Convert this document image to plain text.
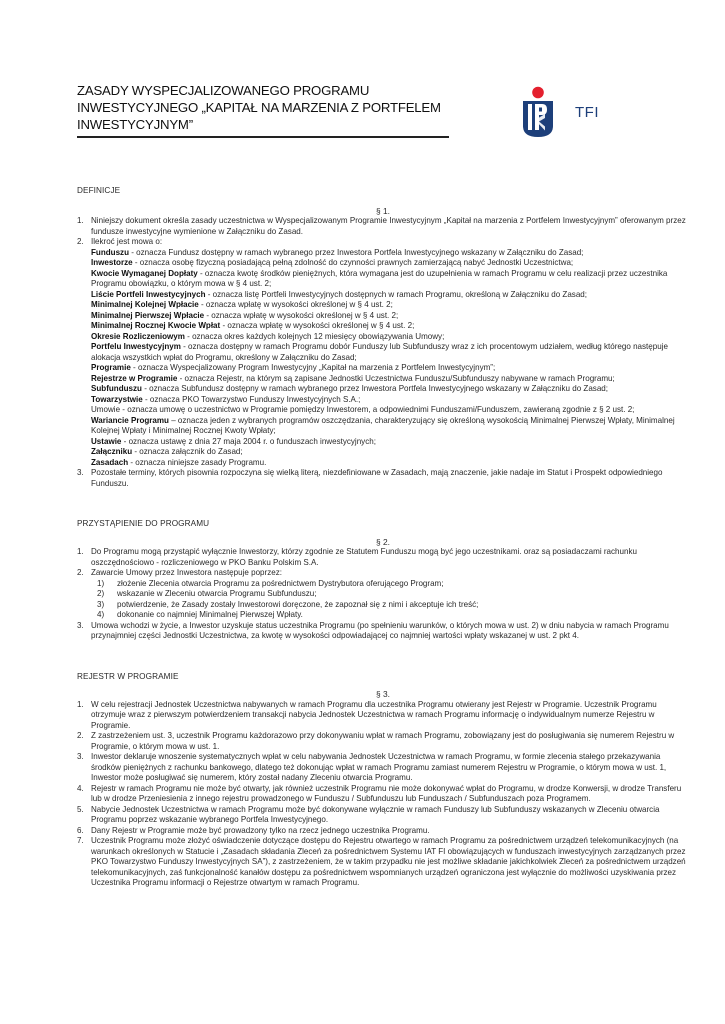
ZASADY WYSPECJALIZOWANEGO PROGRAMU
INWESTYCYJNEGO „KAPITAŁ NA MARZENIA Z PORTFELEM
INWESTYCYJNYM”
TFI
DEFINICJE
§ 1.
1. Niniejszy dokument określa zasady uczestnictwa w Wyspecjalizowanym Programie Inwestycyjnym „Kapitał na marzenia z Portfelem Inwestycyjnym” oferowanym przez fundusze inwestycyjne wymienione w Załączniku do Zasad.
2. Ilekroć jest mowa o:
Funduszu - oznacza Fundusz dostępny w ramach wybranego przez Inwestora Portfela Inwestycyjnego wskazany w Załączniku do Zasad;
Inwestorze - oznacza osobę fizyczną posiadającą pełną zdolność do czynności prawnych zamierzającą nabyć Jednostki Uczestnictwa;
Kwocie Wymaganej Dopłaty - oznacza kwotę środków pieniężnych, która wymagana jest do uzupełnienia w ramach Programu w celu realizacji przez uczestnika Programu obowiązku, o którym mowa w § 4 ust. 2;
Liście Portfeli Inwestycyjnych - oznacza listę Portfeli Inwestycyjnych dostępnych w ramach Programu, określoną w Załączniku do Zasad;
Minimalnej Kolejnej Wpłacie - oznacza wpłatę w wysokości określonej w § 4 ust. 2;
Minimalnej Pierwszej Wpłacie - oznacza wpłatę w wysokości określonej w § 4 ust. 2;
Minimalnej Rocznej Kwocie Wpłat - oznacza wpłatę w wysokości określonej w § 4 ust. 2;
Okresie Rozliczeniowym - oznacza okres każdych kolejnych 12 miesięcy obowiązywania Umowy;
Portfelu Inwestycyjnym - oznacza dostępny w ramach Programu dobór Funduszy lub Subfunduszy wraz z ich procentowym udziałem, według którego następuje alokacja wszystkich wpłat do Programu, określony w Załączniku do Zasad;
Programie - oznacza Wyspecjalizowany Program Inwestycyjny „Kapitał na marzenia z Portfelem Inwestycyjnym”;
Rejestrze w Programie - oznacza Rejestr, na którym są zapisane Jednostki Uczestnictwa Funduszu/Subfunduszy nabywane w ramach Programu;
Subfunduszu - oznacza Subfundusz dostępny w ramach wybranego przez Inwestora Portfela Inwestycyjnego wskazany w Załączniku do Zasad;
Towarzystwie - oznacza PKO Towarzystwo Funduszy Inwestycyjnych S.A.;
Umowie - oznacza umowę o uczestnictwo w Programie pomiędzy Inwestorem, a odpowiednimi Funduszami/Funduszem, zawieraną zgodnie z § 2 ust. 2;
Wariancie Programu – oznacza jeden z wybranych programów oszczędzania, charakteryzujący się określoną wysokością Minimalnej Pierwszej Wpłaty, Minimalnej Kolejnej Wpłaty i Minimalnej Rocznej Kwoty Wpłaty;
Ustawie - oznacza ustawę z dnia 27 maja 2004 r. o funduszach inwestycyjnych;
Załączniku - oznacza załącznik do Zasad;
Zasadach - oznacza niniejsze zasady Programu.
3. Pozostałe terminy, których pisownia rozpoczyna się wielką literą, niezdefiniowane w Zasadach, mają znaczenie, jakie nadaje im Statut i Prospekt odpowiedniego Funduszu.
PRZYSTĄPIENIE DO PROGRAMU
§ 2.
1. Do Programu mogą przystąpić wyłącznie Inwestorzy, którzy zgodnie ze Statutem Funduszu mogą być jego uczestnikami. oraz są posiadaczami rachunku oszczędnościowo - rozliczeniowego w PKO Banku Polskim S.A.
2. Zawarcie Umowy przez Inwestora następuje poprzez:
1) złożenie Zlecenia otwarcia Programu za pośrednictwem Dystrybutora oferującego Program;
2) wskazanie w Zleceniu otwarcia Programu Subfunduszu;
3) potwierdzenie, że Zasady zostały Inwestorowi doręczone, że zapoznał się z nimi i akceptuje ich treść;
4) dokonanie co najmniej Minimalnej Pierwszej Wpłaty.
3. Umowa wchodzi w życie, a Inwestor uzyskuje status uczestnika Programu (po spełnieniu warunków, o których mowa w ust. 2) w dniu nabycia w ramach Programu przynajmniej części Jednostki Uczestnictwa, za kwotę w wysokości odpowiadającej co najmniej wartości wpłaty wskazanej w ust. 2 pkt 4.
REJESTR W PROGRAMIE
§ 3.
1. W celu rejestracji Jednostek Uczestnictwa nabywanych w ramach Programu dla uczestnika Programu otwierany jest Rejestr w Programie. Uczestnik Programu otrzymuje wraz z pierwszym potwierdzeniem transakcji nabycia Jednostek Uczestnictwa w ramach Programu informację o indywidualnym numerze Rejestru w Programie.
2. Z zastrzeżeniem ust. 3, uczestnik Programu każdorazowo przy dokonywaniu wpłat w ramach Programu, zobowiązany jest do posługiwania się numerem Rejestru w Programie, o którym mowa w ust. 1.
3. Inwestor deklaruje wnoszenie systematycznych wpłat w celu nabywania Jednostek Uczestnictwa w ramach Programu, w formie zlecenia stałego przekazywania środków pieniężnych z rachunku bankowego, dlatego też dokonując wpłat w ramach Programu zamiast numerem Rejestru w Programie, o którym mowa w ust. 1, Inwestor może posługiwać się numerem, który został nadany Zleceniu otwarcia Programu.
4. Rejestr w ramach Programu nie może być otwarty, jak również uczestnik Programu nie może dokonywać wpłat do Programu, w drodze Konwersji, w drodze Transferu lub w drodze Przeniesienia z innego rejestru prowadzonego w Funduszu / Subfunduszu lub Funduszach / Subfunduszach poza Programem.
5. Nabycie Jednostek Uczestnictwa w ramach Programu może być dokonywane wyłącznie w ramach Funduszy lub Subfunduszy wskazanych w Zleceniu otwarcia Programu poprzez wskazanie wybranego Portfela Inwestycyjnego.
6. Dany Rejestr w Programie może być prowadzony tylko na rzecz jednego uczestnika Programu.
7. Uczestnik Programu może złożyć oświadczenie dotyczące dostępu do Rejestru otwartego w ramach Programu za pośrednictwem urządzeń telekomunikacyjnych (na warunkach określonych w Statucie i „Zasadach składania Zleceń za pośrednictwem Systemu IAT FI obowiązujących w funduszach inwestycyjnych zarządzanych przez PKO Towarzystwo Funduszy Inwestycyjnych SA”), z zastrzeżeniem, że w takim przypadku nie jest możliwe składanie jakichkolwiek Zleceń za pośrednictwem urządzeń telekomunikacyjnych, zaś funkcjonalność kanałów dostępu za pośrednictwem wspomnianych urządzeń ograniczona jest wyłącznie do możliwości uzyskiwania przez Uczestnika Programu informacji o Rejestrze otwartym w ramach Programu.
